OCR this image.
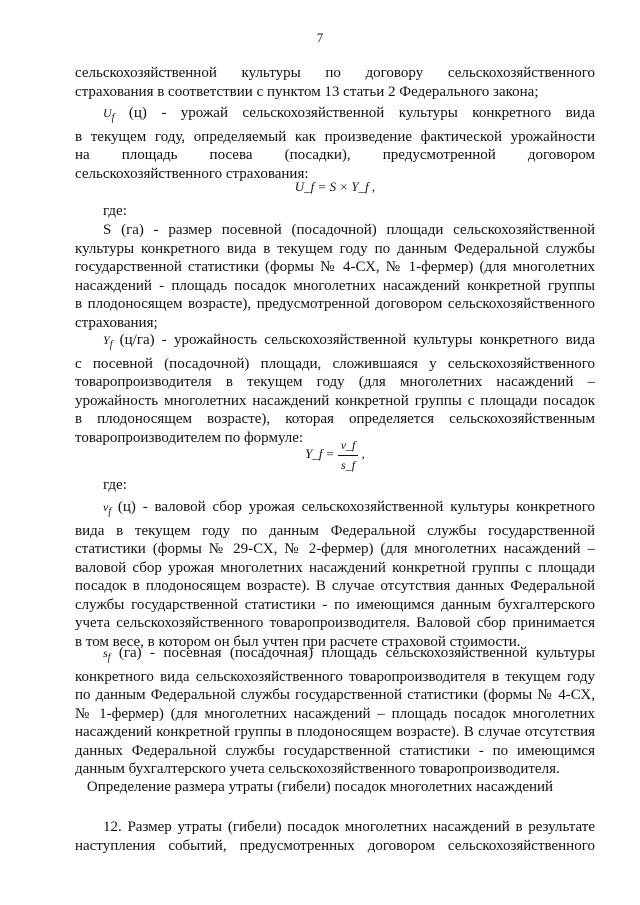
7
сельскохозяйственной культуры по договору сельскохозяйственного
страхования в соответствии с пунктом 13 статьи 2 Федерального закона;
$U_f$ (ц) - урожай сельскохозяйственной культуры конкретного вида
в текущем году, определяемый как произведение фактической урожайности
на площадь посева (посадки), предусмотренной договором
сельскохозяйственного страхования:
U_f = S × Y_f ,
где:
S (га) - размер посевной (посадочной) площади сельскохозяйственной
культуры конкретного вида в текущем году по данным Федеральной службы
государственной статистики (формы № 4-СХ, № 1-фермер) (для многолетних
насаждений - площадь посадок многолетних насаждений конкретной группы
в плодоносящем возрасте), предусмотренной договором сельскохозяйственного
страхования;
$Y_f$ (ц/га) - урожайность сельскохозяйственной культуры конкретного вида
с посевной (посадочной) площади, сложившаяся у сельскохозяйственного
товаропроизводителя в текущем году (для многолетних насаждений –
урожайность многолетних насаждений конкретной группы с площади посадок
в плодоносящем возрасте), которая определяется сельскохозяйственным
товаропроизводителем по формуле:
Y_f = $\frac{v\_f}{s\_f}$ ,
где:
$v_f$ (ц) - валовой сбор урожая сельскохозяйственной культуры конкретного
вида в текущем году по данным Федеральной службы государственной
статистики (формы № 29-СХ, № 2-фермер) (для многолетних насаждений –
валовой сбор урожая многолетних насаждений конкретной группы с площади
посадок в плодоносящем возрасте). В случае отсутствия данных Федеральной
службы государственной статистики - по имеющимся данным бухгалтерского
учета сельскохозяйственного товаропроизводителя. Валовой сбор принимается
в том весе, в котором он был учтен при расчете страховой стоимости.
$s_f$ (га) - посевная (посадочная) площадь сельскохозяйственной культуры
конкретного вида сельскохозяйственного товаропроизводителя в текущем году
по данным Федеральной службы государственной статистики (формы № 4-СХ,
№ 1-фермер) (для многолетних насаждений – площадь посадок многолетних
насаждений конкретной группы в плодоносящем возрасте). В случае отсутствия
данных Федеральной службы государственной статистики - по имеющимся
данным бухгалтерского учета сельскохозяйственного товаропроизводителя.
Определение размера утраты (гибели) посадок многолетних насаждений
12. Размер утраты (гибели) посадок многолетних насаждений в результате
наступления событий, предусмотренных договором сельскохозяйственного
